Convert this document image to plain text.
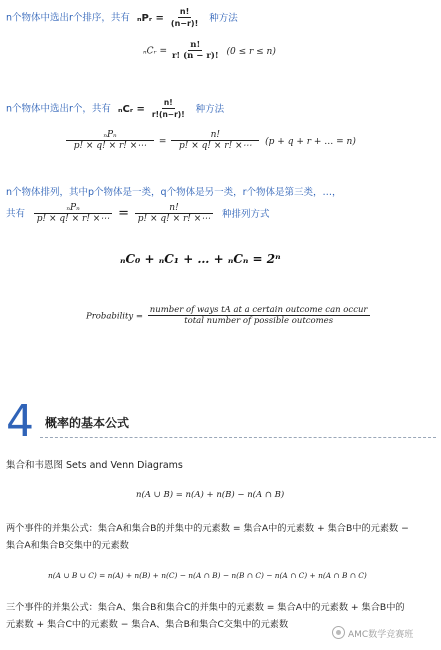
n个物体中选出r个排序，共有 ₙPᵣ = $\frac{n!}{(n-r)!}$ 种方法
ₙCᵣ = $\frac{n!}{r! (n - r)!} (0 \le r \le n)$
n个物体中选出r个，共有 ₙCᵣ = $\frac{n!}{r!(n-r)!}$ 种方法
$\frac{\text{ₙPₙ}}{p! \times q! \times r! \times\cdots} = \frac{n!}{p! \times q! \times r! \times\cdots} (p + q + r$ + … = n)
n个物体排列，其中p个物体是一类，q个物体是另一类，r个物体是第三类，…，
共有 $\frac{\text{ₙPₙ}}{p! \times q! \times r! \times\cdots} = \frac{n!}{p! \times q! \times r! \times\cdots}$ 种排列方式
ₙC₀ + ₙC₁ + … + ₙCₙ = 2ⁿ
Probability = $\frac{\text{number of ways tA at a certain outcome can occur}}{\text{total number of possible outcomes}}$
4 概率的基本公式
集合和韦恩图 Sets and Venn Diagrams
n(A ∪ B) = n(A) + n(B) − n(A ∩ B)
两个事件的并集公式：集合A和集合B的并集中的元素数 = 集合A中的元素数 + 集合B中的元素数 −
集合A和集合B交集中的元素数
n(A ∪ B ∪ C) = n(A) + n(B) + n(C) − n(A ∩ B) − n(B ∩ C) − n(A ∩ C) + n(A ∩ B ∩ C)
三个事件的并集公式：集合A、集合B和集合C的并集中的元素数 = 集合A中的元素数 + 集合B中的
元素数 + 集合C中的元素数 − 集合A、集合B和集合C交集中的元素数
AMC数学竞赛班
